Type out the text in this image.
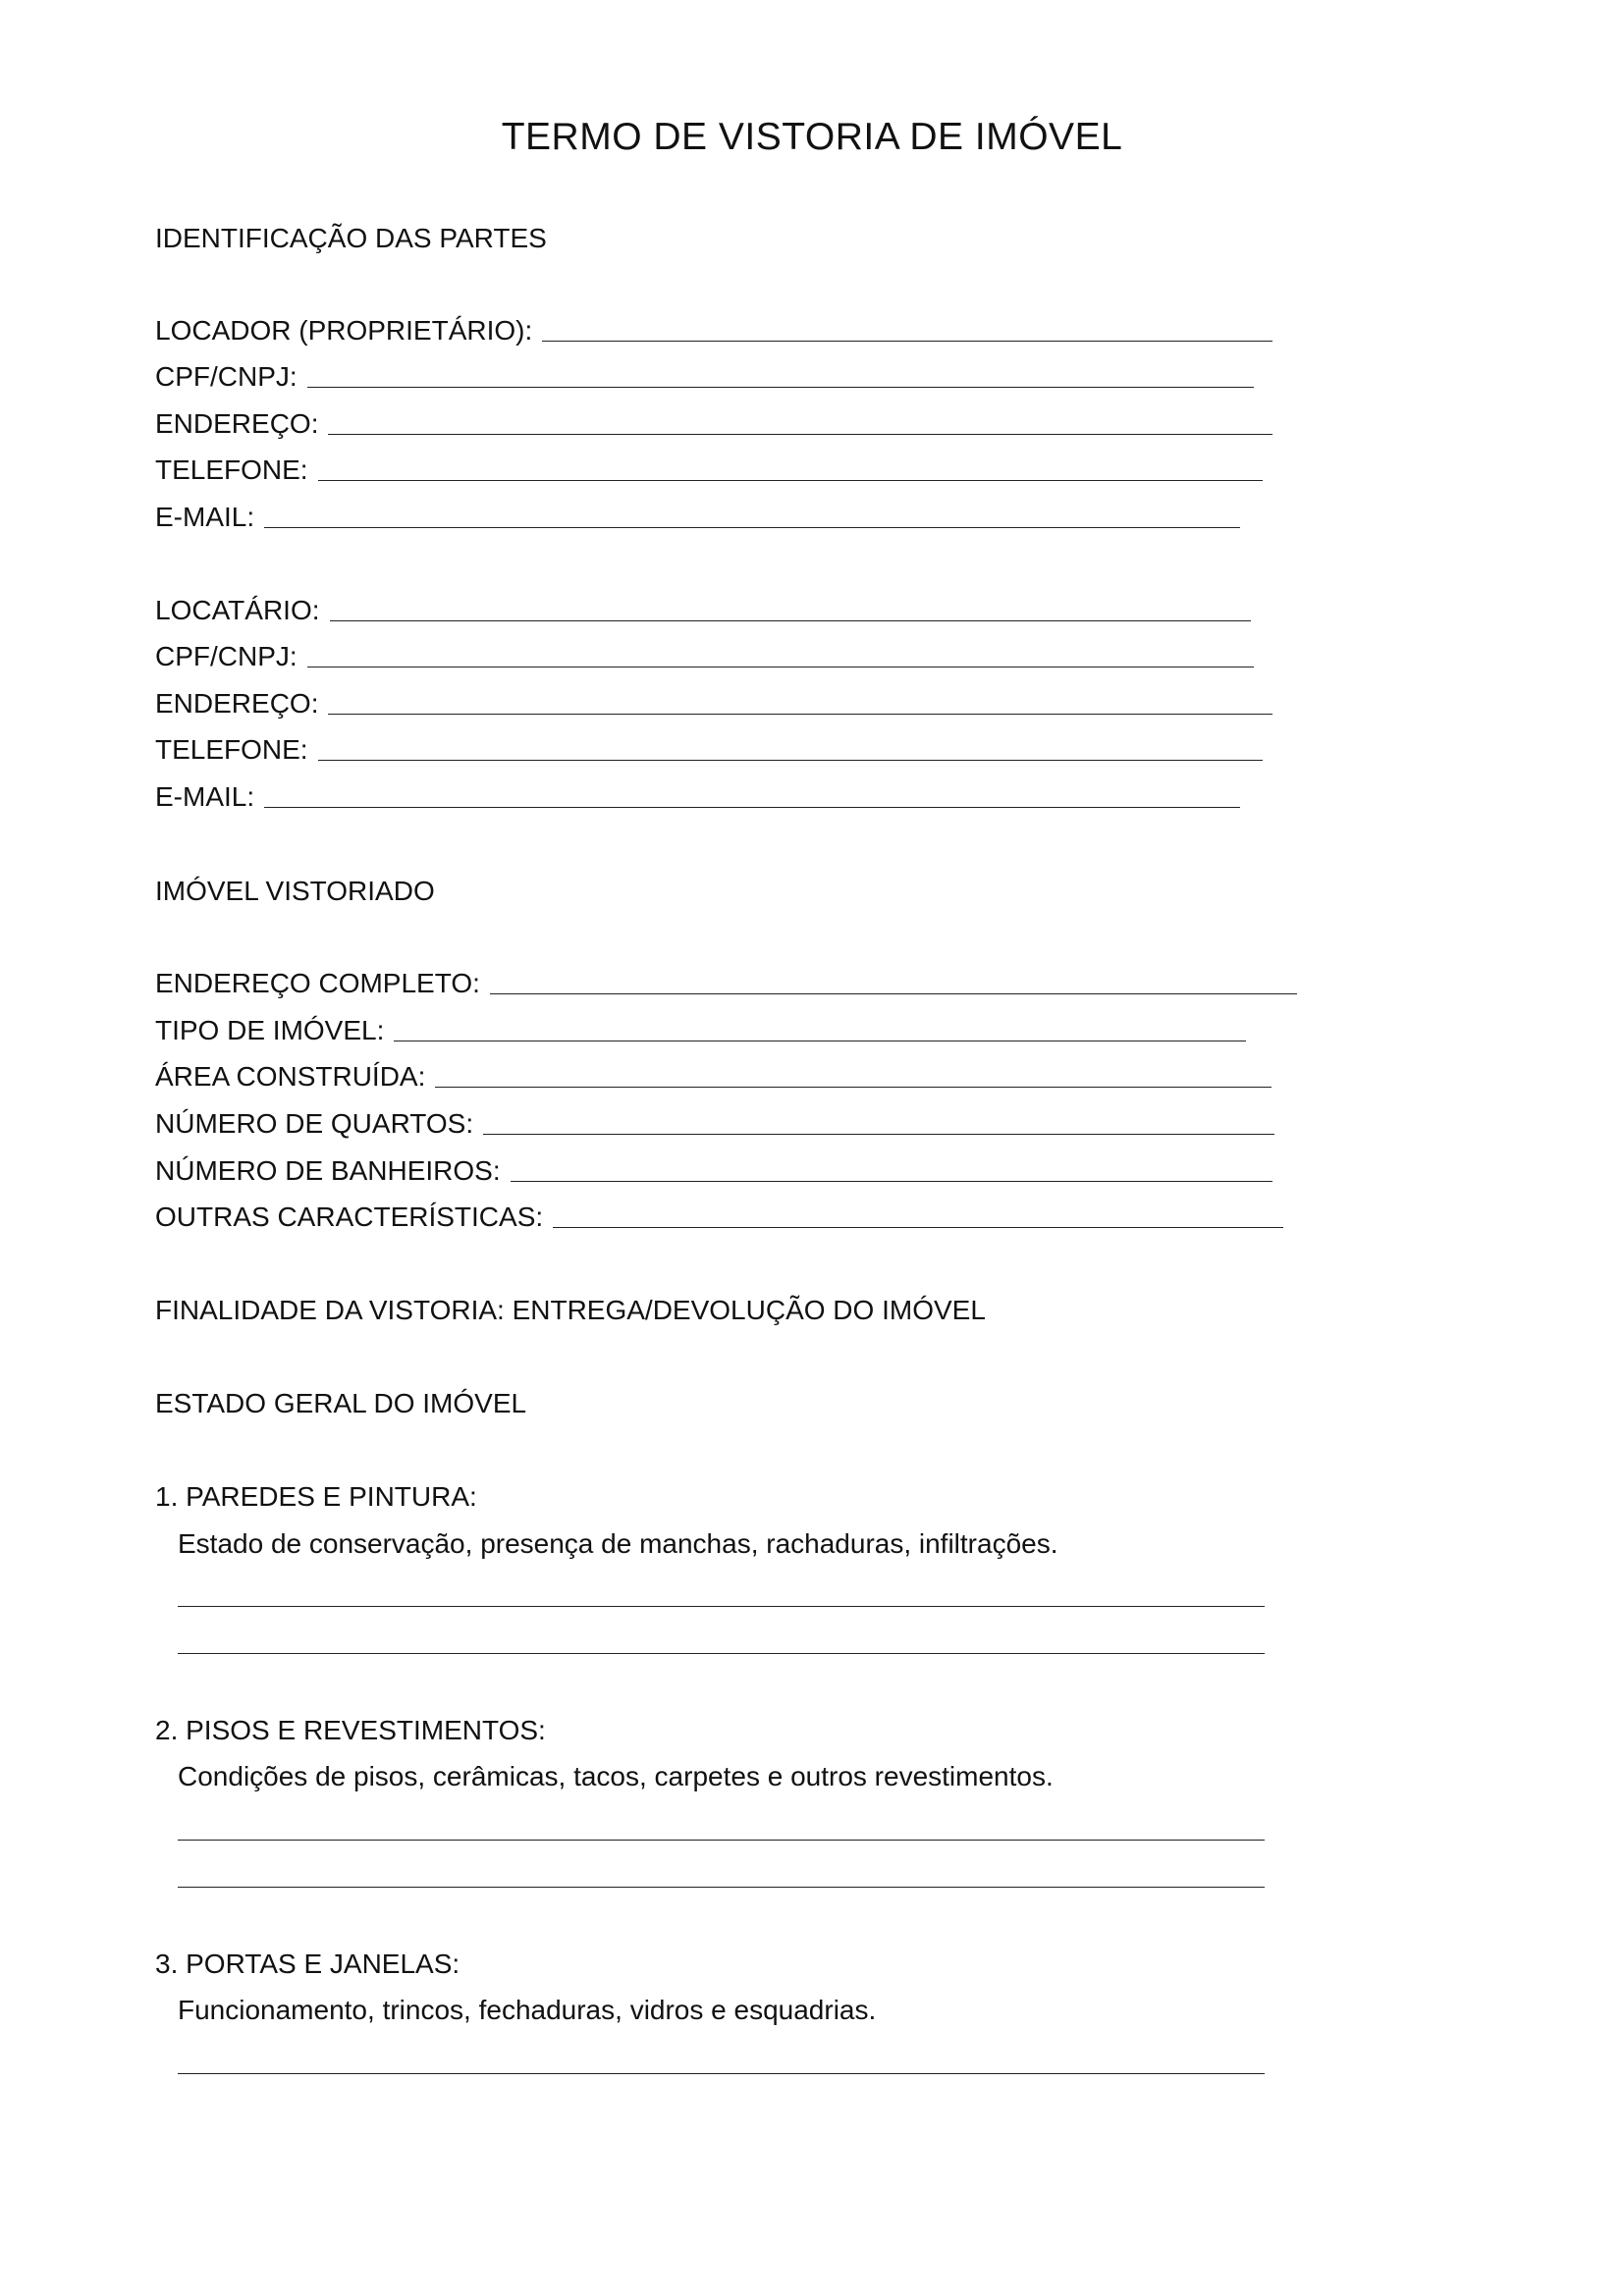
TERMO DE VISTORIA DE IMÓVEL
IDENTIFICAÇÃO DAS PARTES
LOCADOR (PROPRIETÁRIO):
CPF/CNPJ:
ENDEREÇO:
TELEFONE:
E-MAIL:
LOCATÁRIO:
CPF/CNPJ:
ENDEREÇO:
TELEFONE:
E-MAIL:
IMÓVEL VISTORIADO
ENDEREÇO COMPLETO:
TIPO DE IMÓVEL:
ÁREA CONSTRUÍDA:
NÚMERO DE QUARTOS:
NÚMERO DE BANHEIROS:
OUTRAS CARACTERÍSTICAS:
FINALIDADE DA VISTORIA: ENTREGA/DEVOLUÇÃO DO IMÓVEL
ESTADO GERAL DO IMÓVEL
1. PAREDES E PINTURA:
Estado de conservação, presença de manchas, rachaduras, infiltrações.
2. PISOS E REVESTIMENTOS:
Condições de pisos, cerâmicas, tacos, carpetes e outros revestimentos.
3. PORTAS E JANELAS:
Funcionamento, trincos, fechaduras, vidros e esquadrias.
